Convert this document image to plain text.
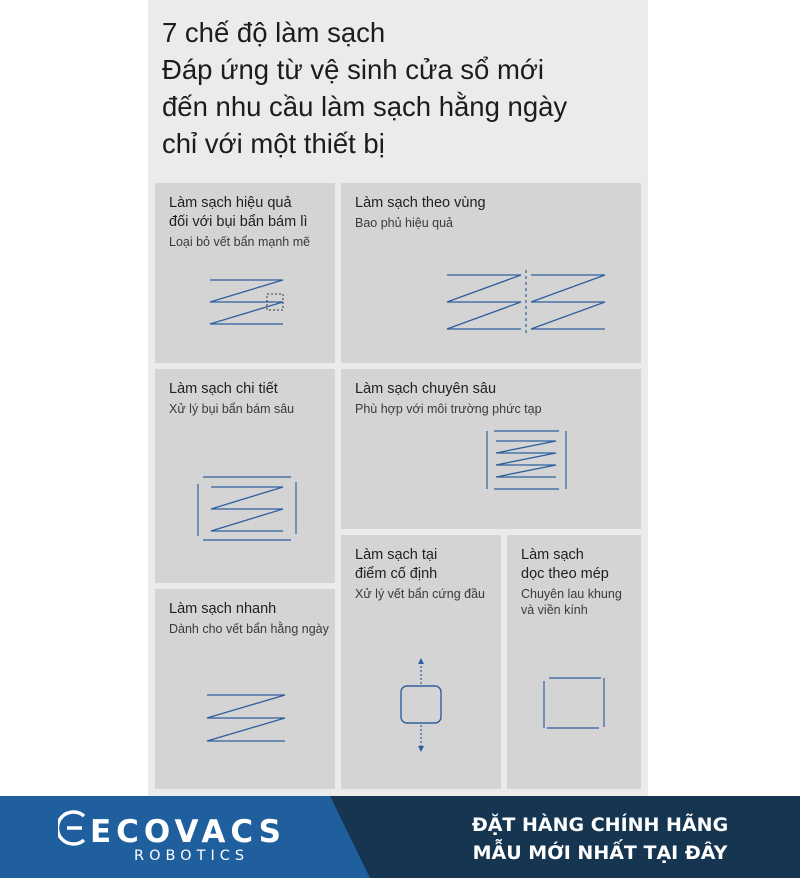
7 chế độ làm sạch
Đáp ứng từ vệ sinh cửa sổ mới
đến nhu cầu làm sạch hằng ngày
chỉ với một thiết bị
Làm sạch hiệu quả
đối với bụi bẩn bám lì
Loại bỏ vết bẩn mạnh mẽ
Làm sạch theo vùng
Bao phủ hiệu quả
Làm sạch chi tiết
Xử lý bụi bẩn bám sâu
Làm sạch chuyên sâu
Phù hợp với môi trường phức tạp
Làm sạch nhanh
Dành cho vết bẩn hằng ngày
Làm sạch tại
điểm cố định
Xử lý vết bẩn cứng đầu
Làm sạch
dọc theo mép
Chuyên lau khung
và viền kính
ECOVACS
ROBOTICS
ĐẶT HÀNG CHÍNH HÃNG
MẪU MỚI NHẤT TẠI ĐÂY
